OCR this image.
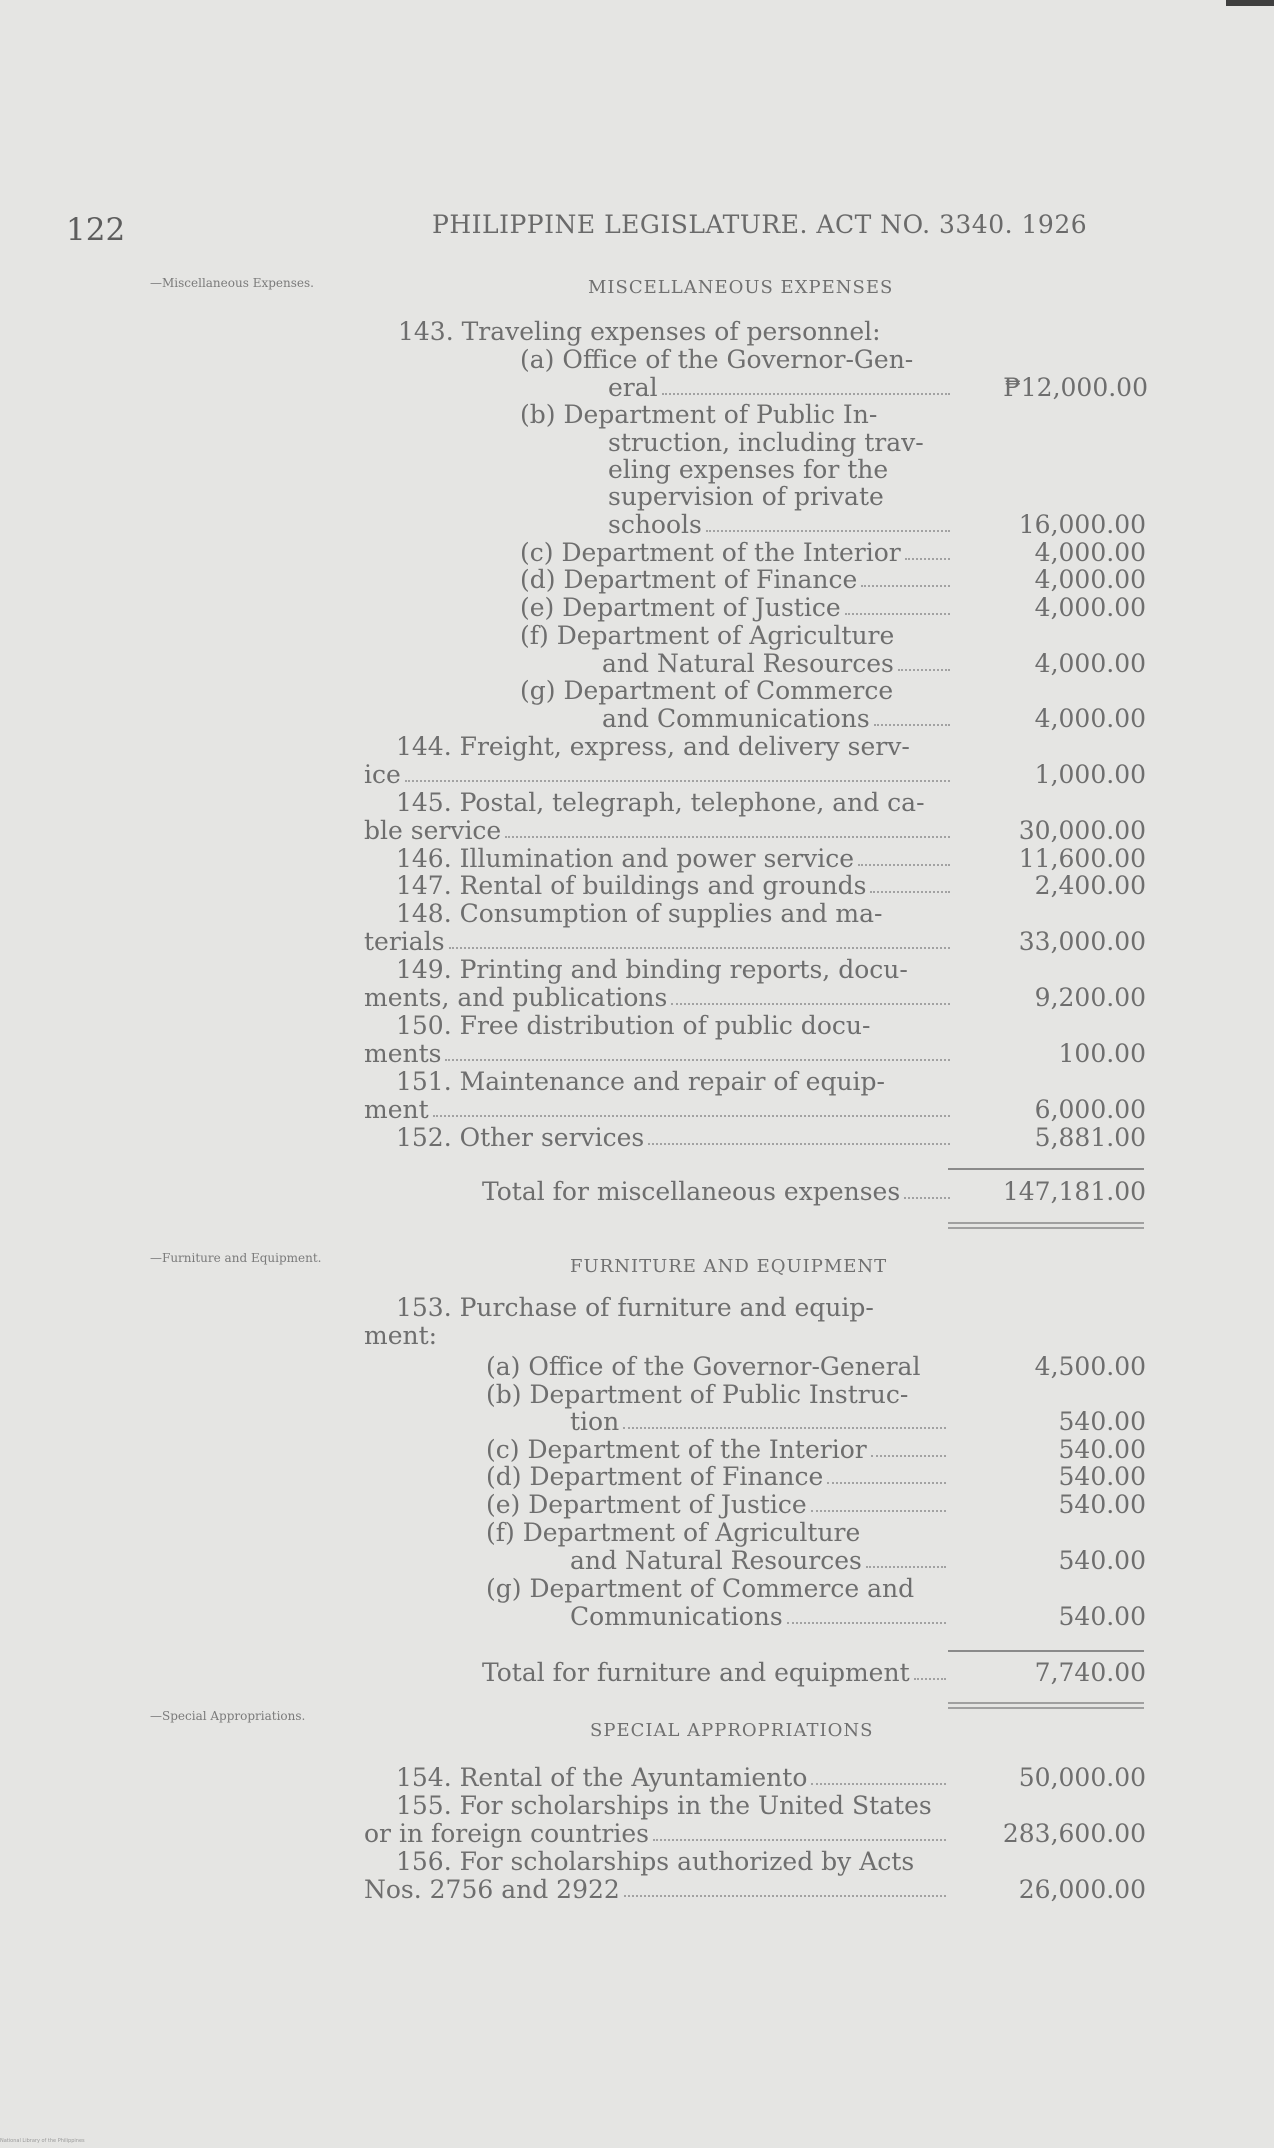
122	PHILIPPINE LEGISLATURE. ACT NO. 3340. 1926
—Miscellaneous Expenses.	MISCELLANEOUS EXPENSES
143. Traveling expenses of personnel:
(a) Office of the Governor-Gen-
eral	₱12,000.00
(b) Department of Public In-
struction, including trav-
eling expenses for the
supervision of private
schools	16,000.00
(c) Department of the Interior	4,000.00
(d) Department of Finance	4,000.00
(e) Department of Justice	4,000.00
(f) Department of Agriculture
and Natural Resources	4,000.00
(g) Department of Commerce
and Communications	4,000.00
144. Freight, express, and delivery serv-
ice	1,000.00
145. Postal, telegraph, telephone, and ca-
ble service	30,000.00
146. Illumination and power service	11,600.00
147. Rental of buildings and grounds	2,400.00
148. Consumption of supplies and ma-
terials	33,000.00
149. Printing and binding reports, docu-
ments, and publications	9,200.00
150. Free distribution of public docu-
ments	100.00
151. Maintenance and repair of equip-
ment	6,000.00
152. Other services	5,881.00
Total for miscellaneous expenses	147,181.00
—Furniture and Equipment.	FURNITURE AND EQUIPMENT
153. Purchase of furniture and equip-
ment:
(a) Office of the Governor-General	4,500.00
(b) Department of Public Instruc-
tion	540.00
(c) Department of the Interior	540.00
(d) Department of Finance	540.00
(e) Department of Justice	540.00
(f) Department of Agriculture
and Natural Resources	540.00
(g) Department of Commerce and
Communications	540.00
Total for furniture and equipment	7,740.00
—Special Appropriations.
SPECIAL APPROPRIATIONS
154. Rental of the Ayuntamiento	50,000.00
155. For scholarships in the United States
or in foreign countries	283,600.00
156. For scholarships authorized by Acts
Nos. 2756 and 2922	26,000.00
National Library of the Philippines
